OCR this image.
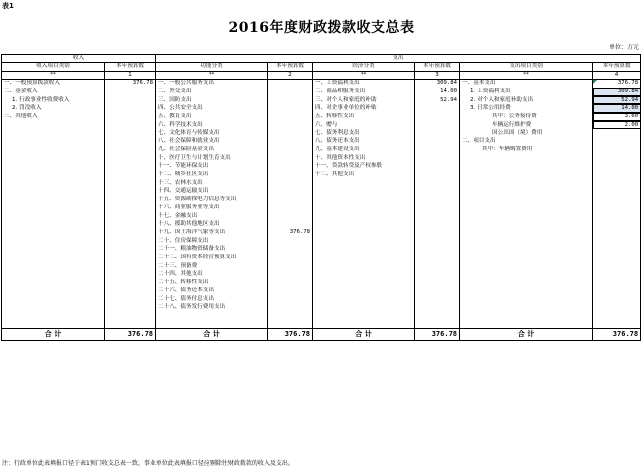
表1
2016年度财政拨款收支总表
单位：万元
收入		支出					
收入项目类别	本年预算数	功能分类	本年预算数	经济分类	本年预算数	支出项目类别	本年预算数
**	1	**	2	**	3	**	4
一、一般预算拨款收入	376.78	一、一般公共服务支出		一、工资福利支出	309.84	一、基本支出	376.78
二、基金收入		二、外交支出		二、商品和服务支出	14.00	1. 工资福利支出	309.84
1. 行政事业性收费收入		三、国防支出		三、对个人和家庭的补助	52.94	2. 对个人和家庭补助支出	52.94
2. 罚没收入		四、公共安全支出		四、对企事业单位的补贴		3. 日常公用经费	14.00
三、其他收入		五、教育支出		五、转移性支出		其中：公务接待费	3.60
		六、科学技术支出		六、赠与		车辆运行维护费	2.00
		七、文化体育与传媒支出		七、债务利息支出		因公出国（境）费用	
		八、社会保障和就业支出		八、债务还本支出		二、项目支出	
		九、社会保险基金支出		九、基本建设支出		其中：车辆购置费用	
		十、医疗卫生与计划生育支出		十、其他资本性支出			
		十一、节能环保支出		十一、贷款转贷及产权参股			
		十二、城乡社区支出		十二、其他支出			
		十三、农林水支出					
		十四、交通运输支出					
		十五、资源勘探电力信息等支出					
		十六、商业服务业等支出					
		十七、金融支出					
		十八、援助其他地区支出					
		十九、国土海洋气象等支出	376.78				
		二十、住房保障支出					
		二十一、粮油物资储备支出					
		二十二、国有资本经营预算支出					
		二十三、预备费					
		二十四、其他支出					
		二十五、转移性支出					
		二十六、债务还本支出					
		二十七、债务付息支出					
		二十八、债务发行费用支出					

合 计	376.78	合 计	376.78	合 计	376.78	合 计	376.78
注：行政单位此表填报口径于表1预门收支总表一致，事业单位此表填报口径应剔除往财政拨款的收入及支出。
